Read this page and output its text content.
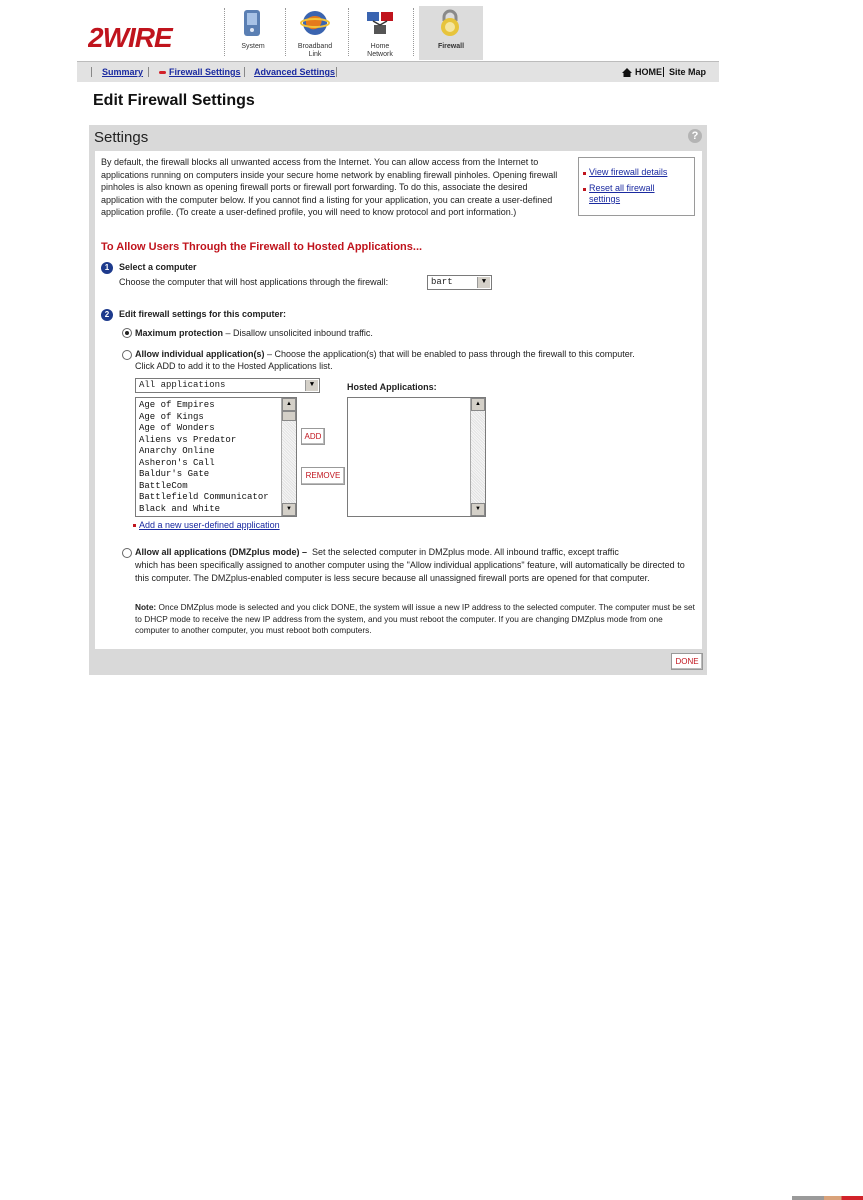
2WIRE	System	Broadband Link
Home Network
Firewall
Summary	Firewall Settings Advanced Settings	HOME Site Map
Edit Firewall Settings
Settings	?
By default, the firewall blocks all unwanted access from the Internet. You can allow access from the Internet to applications running on computers inside your secure home network by enabling firewall pinholes. Opening firewall pinholes is also known as opening firewall ports or firewall port forwarding. To do this, associate the desired application with the computer below. If you cannot find a listing for your application, you can create a user-defined application profile. (To create a user-defined profile, you will need to know protocol and port information.)
View firewall details
Reset all firewall settings
To Allow Users Through the Firewall to Hosted Applications...
1	Select a computer
Choose the computer that will host applications through the firewall:	bart	▼
2	Edit firewall settings for this computer:
Maximum protection – Disallow unsolicited inbound traffic.
Allow individual application(s) – Choose the application(s) that will be enabled to pass through the firewall to this computer.
Click ADD to add it to the Hosted Applications list.
All applications	▼	Hosted Applications:
Age of Empires
Age of Kings
Age of Wonders
Aliens vs Predator
Anarchy Online
Asheron's Call
Baldur's Gate
BattleCom
Battlefield Communicator
Black and White
▲
▼
ADD
REMOVE
▲
▼
Add a new user-defined application
Allow all applications (DMZplus mode) – Set the selected computer in DMZplus mode. All inbound traffic, except traffic
which has been specifically assigned to another computer using the "Allow individual applications" feature, will automatically be directed to this computer. The DMZplus-enabled computer is less secure because all unassigned firewall ports are opened for that computer.
Note: Once DMZplus mode is selected and you click DONE, the system will issue a new IP address to the selected computer. The computer must be set to DHCP mode to receive the new IP address from the system, and you must reboot the computer. If you are changing DMZplus mode from one computer to another computer, you must reboot both computers.
DONE
